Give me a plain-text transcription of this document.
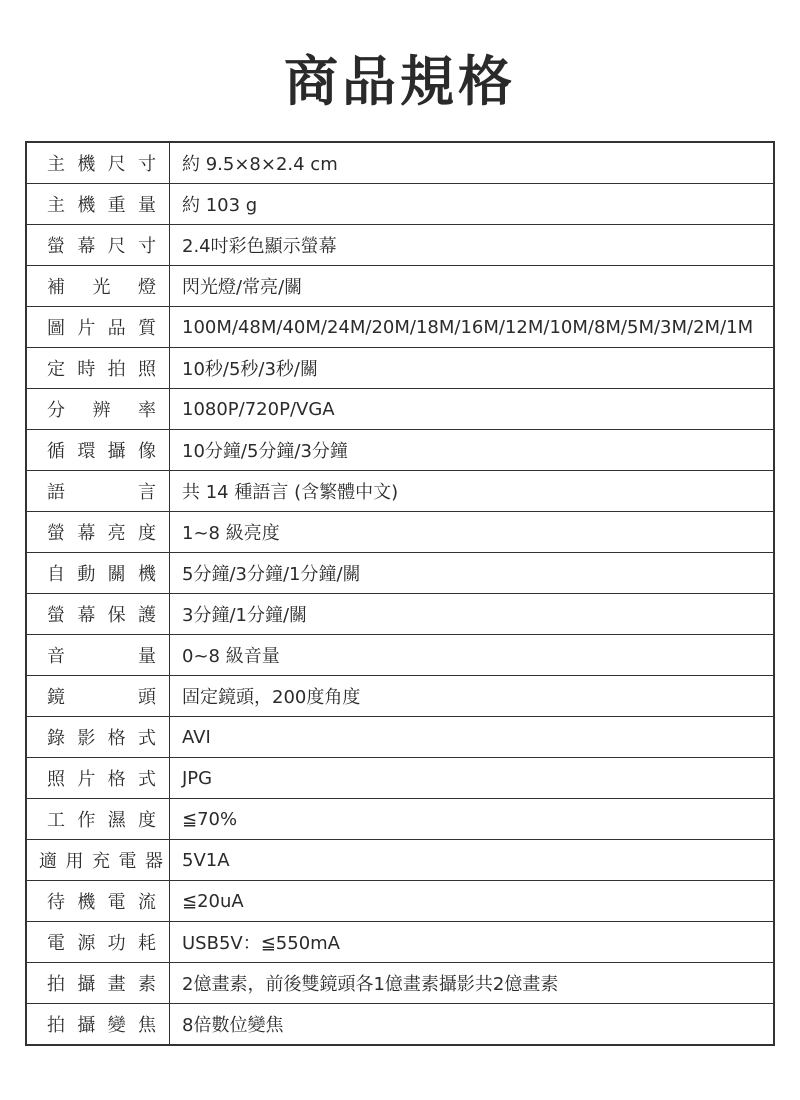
商品規格
主 機 尺 寸	約 9.5×8×2.4 cm

主 機 重 量	約 103 g

螢 幕 尺 寸	2.4吋彩色顯示螢幕

補 光 燈	閃光燈/常亮/關

圖 片 品 質	100M/48M/40M/24M/20M/18M/16M/12M/10M/8M/5M/3M/2M/1M

定 時 拍 照	10秒/5秒/3秒/關

分 辨 率	1080P/720P/VGA

循 環 攝 像	10分鐘/5分鐘/3分鐘

語 言	共 14 種語言 (含繁體中文)

螢 幕 亮 度	1~8 級亮度

自 動 關 機	5分鐘/3分鐘/1分鐘/關

螢 幕 保 護	3分鐘/1分鐘/關

音 量	0~8 級音量

鏡 頭	固定鏡頭，200度角度

錄 影 格 式	AVI

照 片 格 式	JPG

工 作 濕 度	≦70%

適 用 充 電 器	5V1A

待 機 電 流	≦20uA

電 源 功 耗	USB5V：≦550mA

拍 攝 畫 素	2億畫素，前後雙鏡頭各1億畫素攝影共2億畫素

拍 攝 變 焦	8倍數位變焦
